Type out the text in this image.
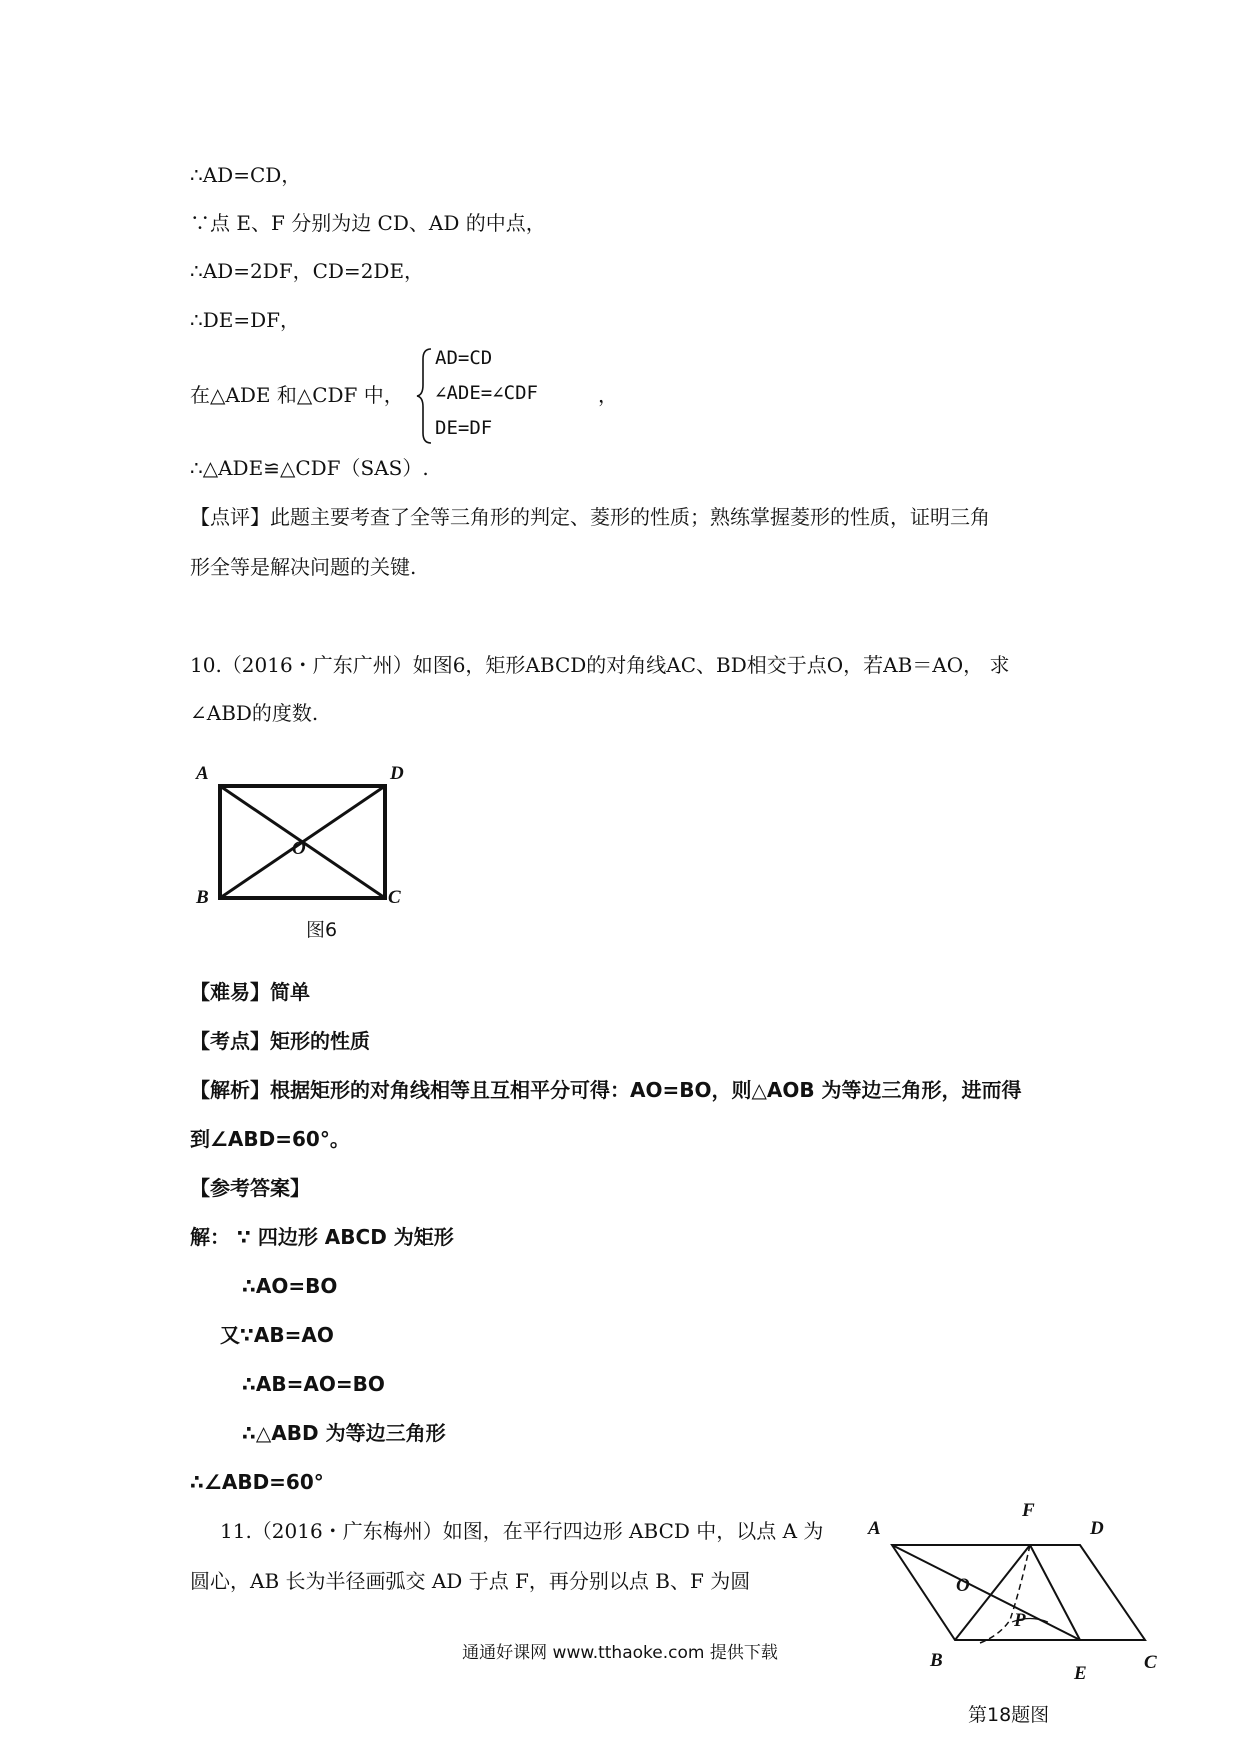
∴AD=CD，
∵点 E、F 分别为边 CD、AD 的中点，
∴AD=2DF，CD=2DE，
∴DE=DF，
在△ADE 和△CDF 中，
AD=CD
∠ADE=∠CDF
DE=DF
，
∴△ADE≌△CDF（SAS）.
【点评】此题主要考查了全等三角形的判定、菱形的性质；熟练掌握菱形的性质，证明三角
形全等是解决问题的关键.
10.（2016・广东广州）如图6，矩形ABCD的对角线AC、BD相交于点O，若AB＝AO， 求
∠ABD的度数.
A	D
O
B	C
图6
【难易】简单
【考点】矩形的性质
【解析】根据矩形的对角线相等且互相平分可得：AO=BO，则△AOB 为等边三角形，进而得
到∠ABD=60°。
【参考答案】
解： ∵ 四边形 ABCD 为矩形
∴AO=BO
又∵AB=AO
∴AB=AO=BO
∴△ABD 为等边三角形
∴∠ABD=60°
11.（2016・广东梅州）如图，在平行四边形 ABCD 中，以点 A 为
圆心，AB 长为半径画弧交 AD 于点 F，再分别以点 B、F 为圆
A
F
D
O
P
B
E
C
第18题图
通通好课网 www.tthaoke.com 提供下载
